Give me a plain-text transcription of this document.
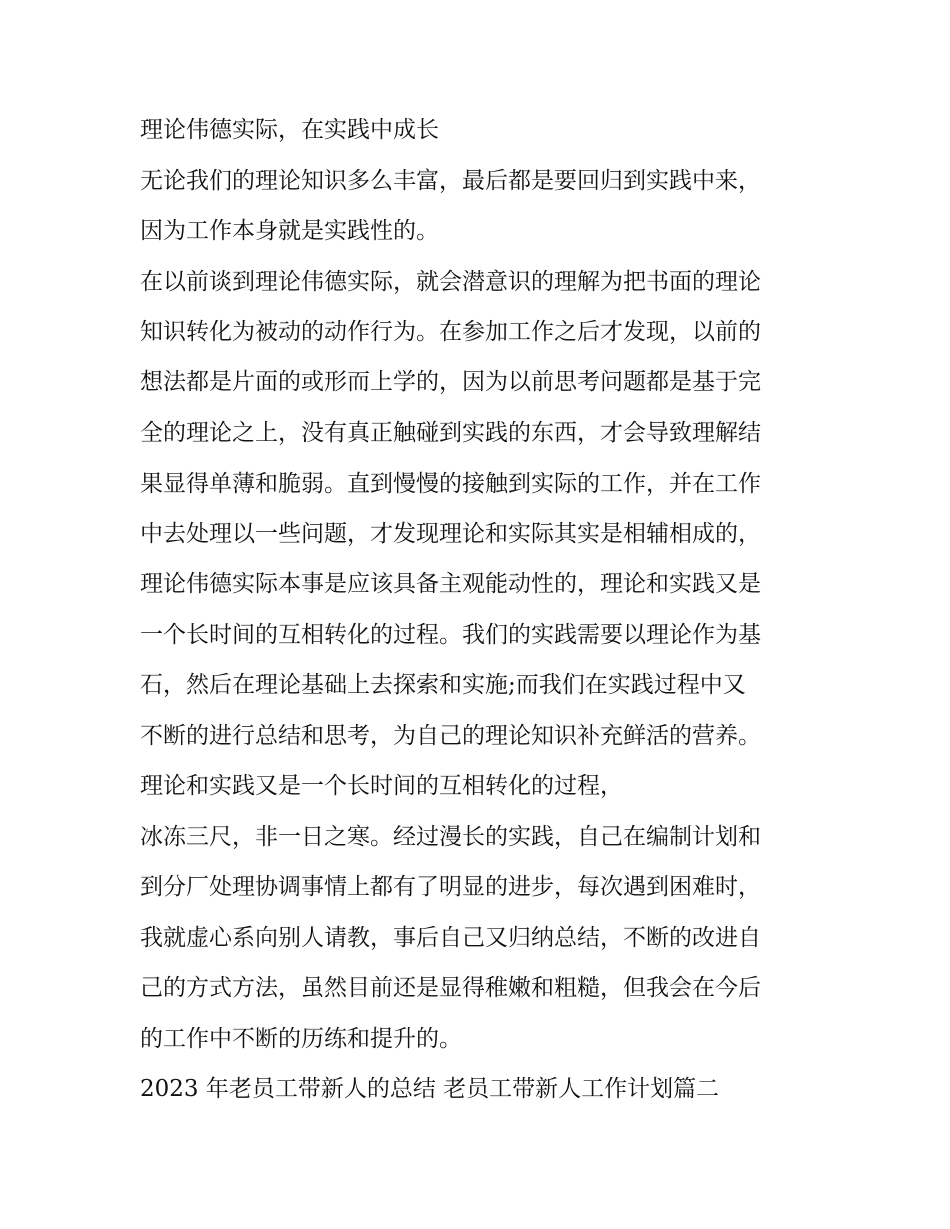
理论伟德实际，在实践中成长
无论我们的理论知识多么丰富，最后都是要回归到实践中来，
因为工作本身就是实践性的。
在以前谈到理论伟德实际，就会潜意识的理解为把书面的理论
知识转化为被动的动作行为。在参加工作之后才发现，以前的
想法都是片面的或形而上学的，因为以前思考问题都是基于完
全的理论之上，没有真正触碰到实践的东西，才会导致理解结
果显得单薄和脆弱。直到慢慢的接触到实际的工作，并在工作
中去处理以一些问题，才发现理论和实际其实是相辅相成的，
理论伟德实际本事是应该具备主观能动性的，理论和实践又是
一个长时间的互相转化的过程。我们的实践需要以理论作为基
石，然后在理论基础上去探索和实施;而我们在实践过程中又
不断的进行总结和思考，为自己的理论知识补充鲜活的营养。
理论和实践又是一个长时间的互相转化的过程，
冰冻三尺，非一日之寒。经过漫长的实践，自己在编制计划和
到分厂处理协调事情上都有了明显的进步，每次遇到困难时，
我就虚心系向别人请教，事后自己又归纳总结，不断的改进自
己的方式方法，虽然目前还是显得稚嫩和粗糙，但我会在今后
的工作中不断的历练和提升的。
2023 年老员工带新人的总结 老员工带新人工作计划篇二
